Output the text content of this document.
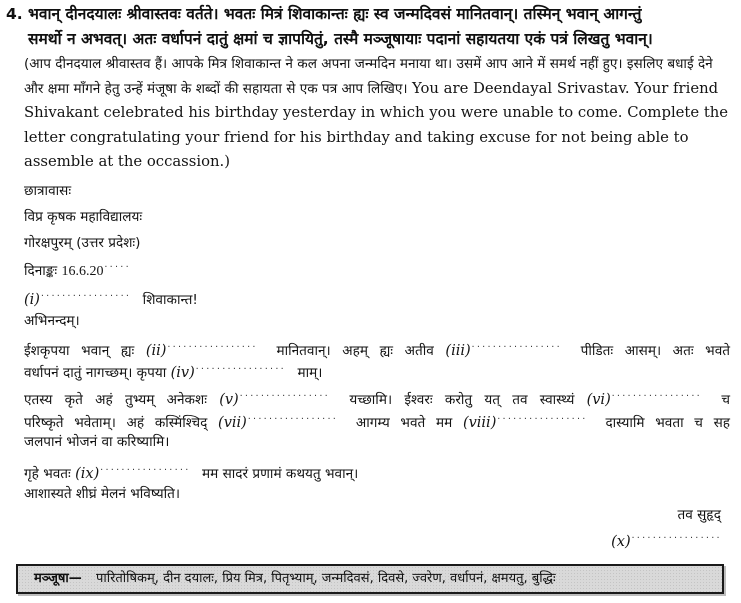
4. भवान् दीनदयालः श्रीवास्तवः वर्तते। भवतः मित्रं शिवाकान्तः ह्यः स्व जन्मदिवसं मानितवान्। तस्मिन् भवान् आगन्तुं
समर्थो न अभवत्। अतः वर्धापनं दातुं क्षमां च ज्ञापयितुं, तस्मै मञ्जूषायाः पदानां सहायतया एकं पत्रं लिखतु भवान्।
(आप दीनदयाल श्रीवास्तव हैं। आपके मित्र शिवाकान्त ने कल अपना जन्मदिन मनाया था। उसमें आप आने में समर्थ नहीं हुए। इसलिए बधाई देने और क्षमा माँगने हेतु उन्हें मंजूषा के शब्दों की सहायता से एक पत्र आप लिखिए। You are Deendayal Srivastav. Your friend Shivakant celebrated his birthday yesterday in which you were unable to come. Complete the letter congratulating your friend for his birthday and taking excuse for not being able to assemble at the occassion.)
छात्रावासः
विप्र कृषक महाविद्यालयः
गोरक्षपुरम् (उत्तर प्रदेशः)
दिनाङ्कः 16.6.20·····
(i)················· शिवाकान्त!
अभिनन्दम्।
ईशकृपया भवान् ह्यः (ii)················· मानितवान्। अहम् ह्यः अतीव (iii)················· पीडितः आसम्। अतः भवते
वर्धापनं दातुं नागच्छम्। कृपया (iv)················· माम्।
एतस्य कृते अहं तुभ्यम् अनेकशः (v)················· यच्छामि। ईश्वरः करोतु यत् तव स्वास्थ्यं (vi)················· च
परिष्कृते भवेताम्। अहं कस्मिंश्चिद् (vii)················· आगम्य भवते मम (viii)················· दास्यामि भवता च सह
जलपानं भोजनं वा करिष्यामि।
गृहे भवतः (ix)················· मम सादरं प्रणामं कथयतु भवान्।
आशास्यते शीघ्रं मेलनं भविष्यति।
तव सुहृद्
(x)·················
मञ्जूषा— पारितोषिकम्, दीन दयालः, प्रिय मित्र, पितृभ्याम्, जन्मदिवसं, दिवसे, ज्वरेण, वर्धापनं, क्षमयतु, बुद्धिः
